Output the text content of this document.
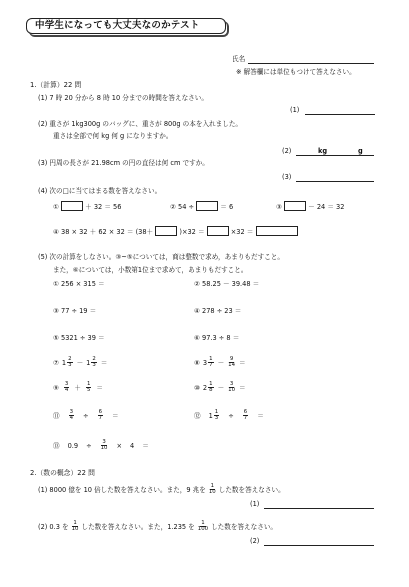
中学生になっても大丈夫なのかテスト
氏名
※ 解答欄には単位もつけて答えなさい。
1.（計算）22 問
(1) 7 時 20 分から 8 時 10 分までの時間を答えなさい。
(1)
(2) 重さが 1kg300g のバッグに、重さが 800g の本を入れました。
重さは全部で何 kg 何 g になりますか。
(2)	kg	g
(3) 円周の長さが 21.98cm の円の直径は何 cm ですか。
(3)
(4) 次の□に当てはまる数を答えなさい。
①	＋ 32 ＝ 56	② 54 ÷	＝ 6	③	－ 24 ＝ 32
④ 38 × 32 ＋ 62 × 32 ＝ (38＋	)×32 ＝	×32 ＝
(5) 次の計算をしなさい。③~⑤については，商は整数で求め，あまりもだすこと。
また，⑥については，小数第1位まで求めて，あまりもだすこと。
① 256 × 315 ＝	② 58.25 － 39.48 ＝
③ 77 ÷ 19 ＝	④ 278 ÷ 23 ＝
⑤ 5321 ÷ 39 ＝	⑥ 97.3 ÷ 8 ＝
⑦ $1 \frac{2}{3} - 1 \frac{2}{3}$ ＝	⑧ $3 \frac{1}{7} - \frac{9}{14}$ ＝
⑨ $\frac{3}{4} + \frac{1}{5}$ ＝	⑩ $2 \frac{1}{8} - \frac{3}{10}$ ＝
⑪ $\frac{3}{4} \div \frac{6}{7}$ ＝	⑫ $1 \frac{1}{3} \div \frac{6}{7}$ ＝
⑬ $0.9 \div \frac{3}{10} \times 4$ ＝
2.（数の概念）22 問
(1) 8000 億を 10 倍した数を答えなさい。また，9 兆を $\frac{1}{10}$ した数を答えなさい。
(1)
(2) 0.3 を $\frac{1}{10}$ した数を答えなさい。また，1.235 を $\frac{1}{100}$ した数を答えなさい。
(2)
